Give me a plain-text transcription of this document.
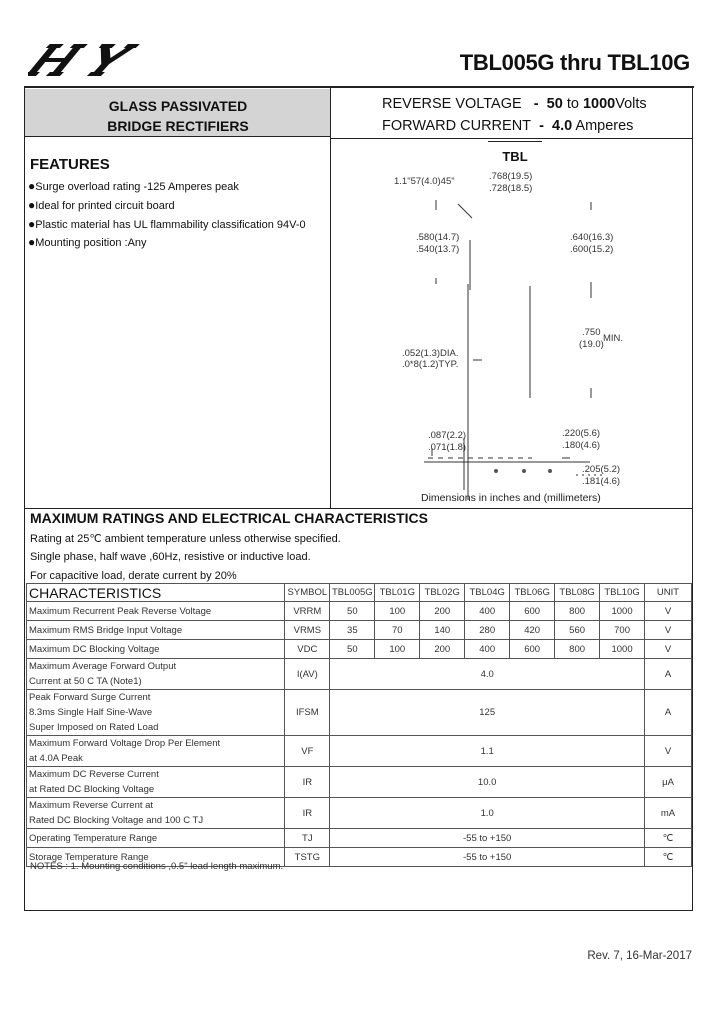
TBL005G thru TBL10G
GLASS PASSIVATED
BRIDGE RECTIFIERS
REVERSE VOLTAGE - 50 to 1000Volts
FORWARD CURRENT - 4.0 Amperes
FEATURES
●Surge overload rating -125 Amperes peak
●Ideal for printed circuit board
●Plastic material has UL flammability classification 94V-0
●Mounting position :Any
TBL
1.1"57(4.0)45"	.768(19.5)
.728(18.5)
.580(14.7)
.540(13.7)
.640(16.3)
.600(15.2)
.750
MIN.
(19.0)
.052(1.3)DIA.
.0*8(1.2)TYP.
.087(2.2)
.071(1.8)
.220(5.6)
.180(4.6)
.205(5.2)
.181(4.6)
Dimensions in inches and (millimeters)
MAXIMUM RATINGS AND ELECTRICAL CHARACTERISTICS
Rating at 25℃ ambient temperature unless otherwise specified.
Single phase, half wave ,60Hz, resistive or inductive load.
For capacitive load, derate current by 20%
CHARACTERISTICS	SYMBOL	TBL005G	TBL01G	TBL02G	TBL04G	TBL06G	TBL08G	TBL10G	UNIT
Maximum Recurrent Peak Reverse Voltage	VRRM	50	100	200	400	600	800	1000	V
Maximum RMS Bridge Input Voltage	VRMS	35	70	140	280	420	560	700	V
Maximum DC Blocking Voltage	VDC	50	100	200	400	600	800	1000	V

Maximum Average Forward Output
Current at 50 C TA (Note1)	I(AV)	4.0							A

Peak Forward Surge Current
8.3ms Single Half Sine-Wave
Super Imposed on Rated Load	IFSM	125							A

Maximum Forward Voltage Drop Per Element
at 4.0A Peak	VF	1.1							V

Maximum DC Reverse Current
at Rated DC Blocking Voltage	IR	10.0							μA

Maximum Reverse Current at
Rated DC Blocking Voltage and 100 C TJ	IR	1.0							mA
Operating Temperature Range	TJ	-55 to +150							℃
Storage Temperature Range	TSTG	-55 to +150							℃
NOTES : 1. Mounting conditions ,0.5" lead length maximum.
Rev. 7, 16-Mar-2017
